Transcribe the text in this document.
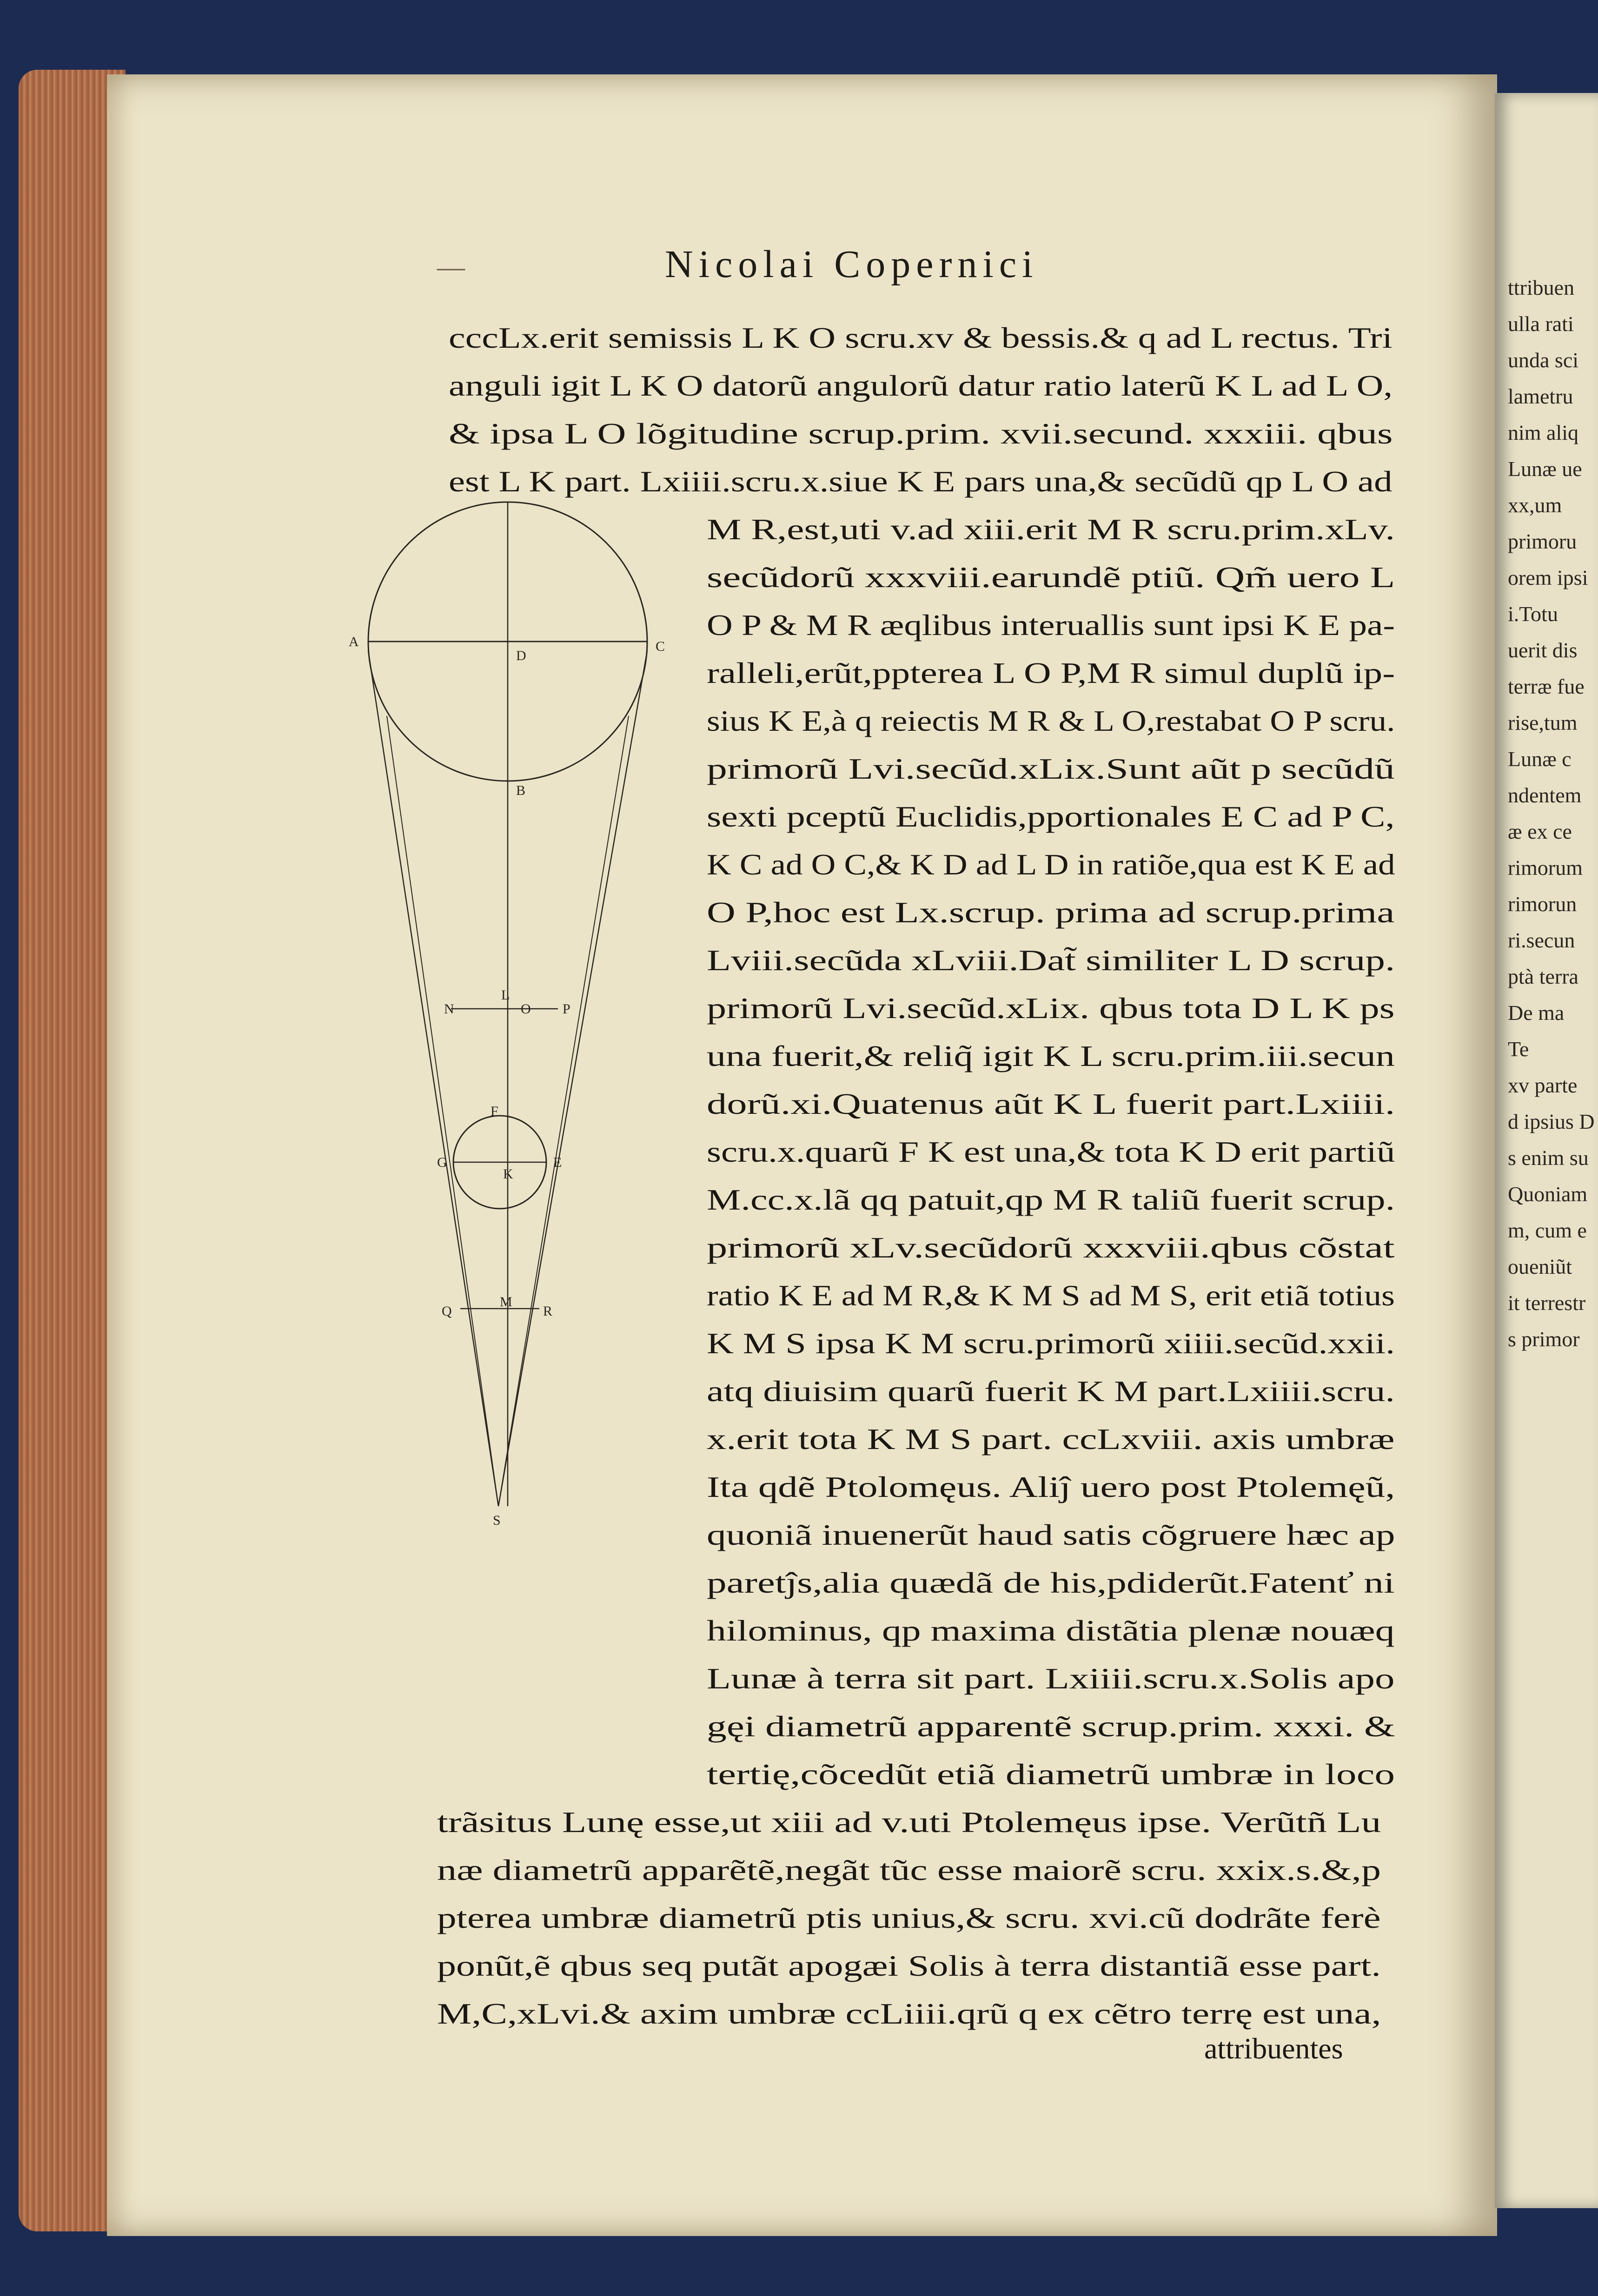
ttribuen
ulla rati
unda sci
lametru
nim aliq
Lunæ ue
xx,um
primoru
orem ipsi
i.Totu
uerit dis
terræ fue
rise,tum
Lunæ c
ndentem
æ ex ce
rimorum
rimorun
ri.secun
ptà terra
De ma
Te
xv parte
d ipsius D
s enim su
Quoniam
m, cum e
oueniũt
it terrestr
s primor
—	Nicolai Copernici
cccLx.erit semissis L K O scru.xv & bessis.& q ad L rectus. Tri
anguli igit L K O datorũ angulorũ datur ratio laterũ K L ad L O,
& ipsa L O lõgitudine scrup.prim. xvii.secund. xxxiii. qbus
est L K part. Lxiiii.scru.x.siue K E pars una,& secũdũ qp L O ad
M R,est,uti v.ad xiii.erit M R scru.prim.xLv.
secũdorũ xxxviii.earundẽ ptiũ. Qm̃ uero L
O P & M R æqlibus interuallis sunt ipsi K E pa-
ralleli,erũt,ppterea L O P,M R simul duplũ ip-
sius K E,à q reiectis M R & L O,restabat O P scru.
primorũ Lvi.secũd.xLix.Sunt aũt p secũdũ
sexti pceptũ Euclidis,pportionales E C ad P C,
K C ad O C,& K D ad L D in ratiõe,qua est K E ad
O P,hoc est Lx.scrup. prima ad scrup.prima
Lviii.secũda xLviii.Dat̃ similiter L D scrup.
primorũ Lvi.secũd.xLix. qbus tota D L K ps
una fuerit,& reliq̃ igit K L scru.prim.iii.secun
dorũ.xi.Quatenus aũt K L fuerit part.Lxiiii.
scru.x.quarũ F K est una,& tota K D erit partiũ
M.cc.x.lã qq patuit,qp M R taliũ fuerit scrup.
primorũ xLv.secũdorũ xxxviii.qbus cõstat
ratio K E ad M R,& K M S ad M S, erit etiã totius
K M S ipsa K M scru.primorũ xiiii.secũd.xxii.
atq diuisim quarũ fuerit K M part.Lxiiii.scru.
x.erit tota K M S part. ccLxviii. axis umbræ
Ita qdẽ Ptolomęus. Aliĵ uero post Ptolemęũ,
quoniã inuenerũt haud satis cõgruere hæc ap
paretĵs,alia quædã de his,pdiderũt.Fatenť ni
hilominus, qp maxima distãtia plenæ nouæq
Lunæ à terra sit part. Lxiiii.scru.x.Solis apo
gęi diametrũ apparentẽ scrup.prim. xxxi. &
tertię,cõcedũt etiã diametrũ umbræ in loco
trãsitus Lunę esse,ut xiii ad v.uti Ptolemęus ipse. Verũtñ Lu
næ diametrũ apparẽtẽ,negãt tũc esse maiorẽ scru. xxix.s.&,p
pterea umbræ diametrũ ptis unius,& scru. xvi.cũ dodrãte ferè
ponũt,ẽ qbus seq putãt apogæi Solis à terra distantiã esse part.
M,C,xLvi.& axim umbræ ccLiiii.qrũ q ex cẽtro terrę est una,
A	C
D
B
N
L
O P
F
G
K
E
Q
M
R
S
attribuentes
